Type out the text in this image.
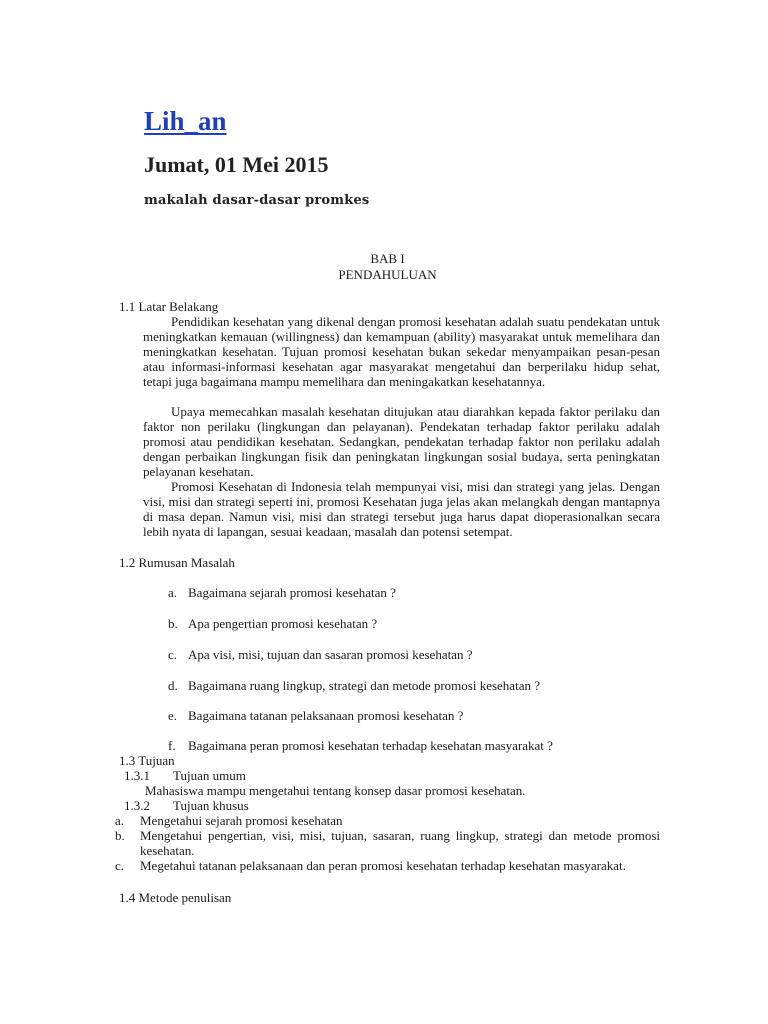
Lih_an
Jumat, 01 Mei 2015
makalah dasar-dasar promkes
BAB I
PENDAHULUAN
1.1 Latar Belakang

Pendidikan kesehatan yang dikenal dengan promosi kesehatan adalah suatu pendekatan untuk meningkatkan kemauan (willingness) dan kemampuan (ability) masyarakat untuk memelihara dan meningkatkan kesehatan. Tujuan promosi kesehatan bukan sekedar menyampaikan pesan-pesan atau informasi-informasi kesehatan agar masyarakat mengetahui dan berperilaku hidup sehat, tetapi juga bagaimana mampu memelihara dan meningakatkan kesehatannya.

Upaya memecahkan masalah kesehatan ditujukan atau diarahkan kepada faktor perilaku dan faktor non perilaku (lingkungan dan pelayanan). Pendekatan terhadap faktor perilaku adalah promosi atau pendidikan kesehatan. Sedangkan, pendekatan terhadap faktor non perilaku adalah dengan perbaikan lingkungan fisik dan peningkatan lingkungan sosial budaya, serta peningkatan pelayanan kesehatan.

Promosi Kesehatan di Indonesia telah mempunyai visi, misi dan strategi yang jelas. Dengan visi, misi dan strategi seperti ini, promosi Kesehatan juga jelas akan melangkah dengan mantapnya di masa depan. Namun visi, misi dan strategi tersebut juga harus dapat dioperasionalkan secara lebih nyata di lapangan, sesuai keadaan, masalah dan potensi setempat.

1.2 Rumusan Masalah
a. Bagaimana sejarah promosi kesehatan ?
b. Apa pengertian promosi kesehatan ?
c. Apa visi, misi, tujuan dan sasaran promosi kesehatan ?
d. Bagaimana ruang lingkup, strategi dan metode promosi kesehatan ?
e. Bagaimana tatanan pelaksanaan promosi kesehatan ?
f. Bagaimana peran promosi kesehatan terhadap kesehatan masyarakat ?
1.3 Tujuan
1.3.1 Tujuan umum
Mahasiswa mampu mengetahui tentang konsep dasar promosi kesehatan.
1.3.2 Tujuan khusus
a. Mengetahui sejarah promosi kesehatan
b. Mengetahui pengertian, visi, misi, tujuan, sasaran, ruang lingkup, strategi dan metode promosi kesehatan.

c. Megetahui tatanan pelaksanaan dan peran promosi kesehatan terhadap kesehatan masyarakat.

1.4 Metode penulisan
